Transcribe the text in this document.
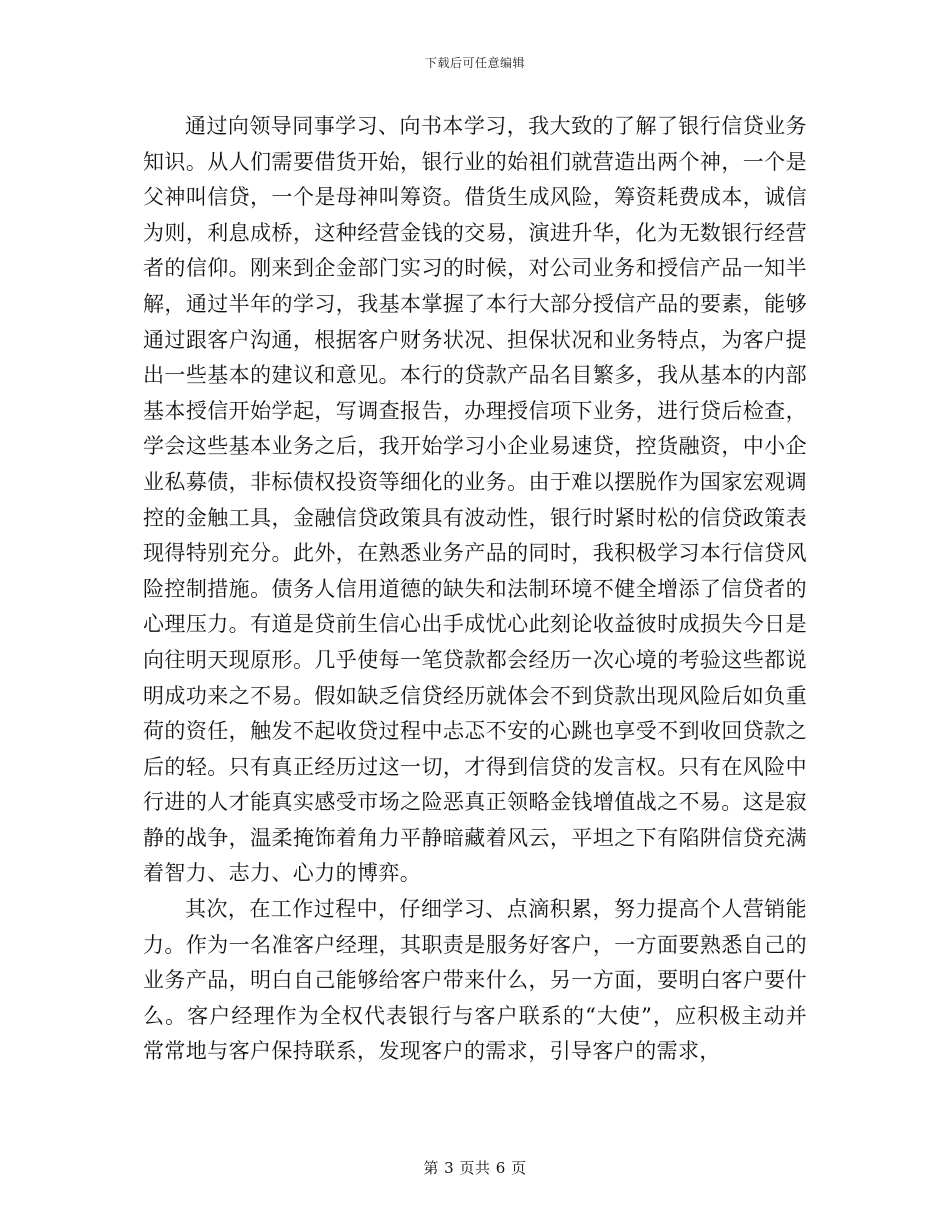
下载后可任意编辑

通过向领导同事学习、向书本学习，我大致的了解了银行信贷业务知识。从人们需要借货开始，银行业的始祖们就营造出两个神，一个是父神叫信贷，一个是母神叫筹资。借货生成风险，筹资耗费成本，诚信为则，利息成桥，这种经营金钱的交易，演进升华，化为无数银行经营者的信仰。刚来到企金部门实习的时候，对公司业务和授信产品一知半解，通过半年的学习，我基本掌握了本行大部分授信产品的要素，能够通过跟客户沟通，根据客户财务状况、担保状况和业务特点，为客户提出一些基本的建议和意见。本行的贷款产品名目繁多，我从基本的内部基本授信开始学起，写调查报告，办理授信项下业务，进行贷后检查，学会这些基本业务之后，我开始学习小企业易速贷，控货融资，中小企业私募债，非标债权投资等细化的业务。由于难以摆脱作为国家宏观调控的金触工具，金融信贷政策具有波动性，银行时紧时松的信贷政策表现得特别充分。此外，在熟悉业务产品的同时，我积极学习本行信贷风险控制措施。债务人信用道德的缺失和法制环境不健全增添了信贷者的心理压力。有道是贷前生信心出手成忧心此刻论收益彼时成损失今日是向往明天现原形。几乎使每一笔贷款都会经历一次心境的考验这些都说明成功来之不易。假如缺乏信贷经历就体会不到贷款出现风险后如负重荷的资任，触发不起收贷过程中忐忑不安的心跳也享受不到收回贷款之后的轻。只有真正经历过这一切，才得到信贷的发言权。只有在风险中行进的人才能真实感受市场之险恶真正领略金钱增值战之不易。这是寂静的战争，温柔掩饰着角力平静暗藏着风云，平坦之下有陷阱信贷充满着智力、志力、心力的博弈。

其次，在工作过程中，仔细学习、点滴积累，努力提高个人营销能力。作为一名准客户经理，其职责是服务好客户，一方面要熟悉自己的业务产品，明白自己能够给客户带来什么，另一方面，要明白客户要什么。客户经理作为全权代表银行与客户联系的“大使”，应积极主动并常常地与客户保持联系，发现客户的需求，引导客户的需求，

第 3 页共 6 页
